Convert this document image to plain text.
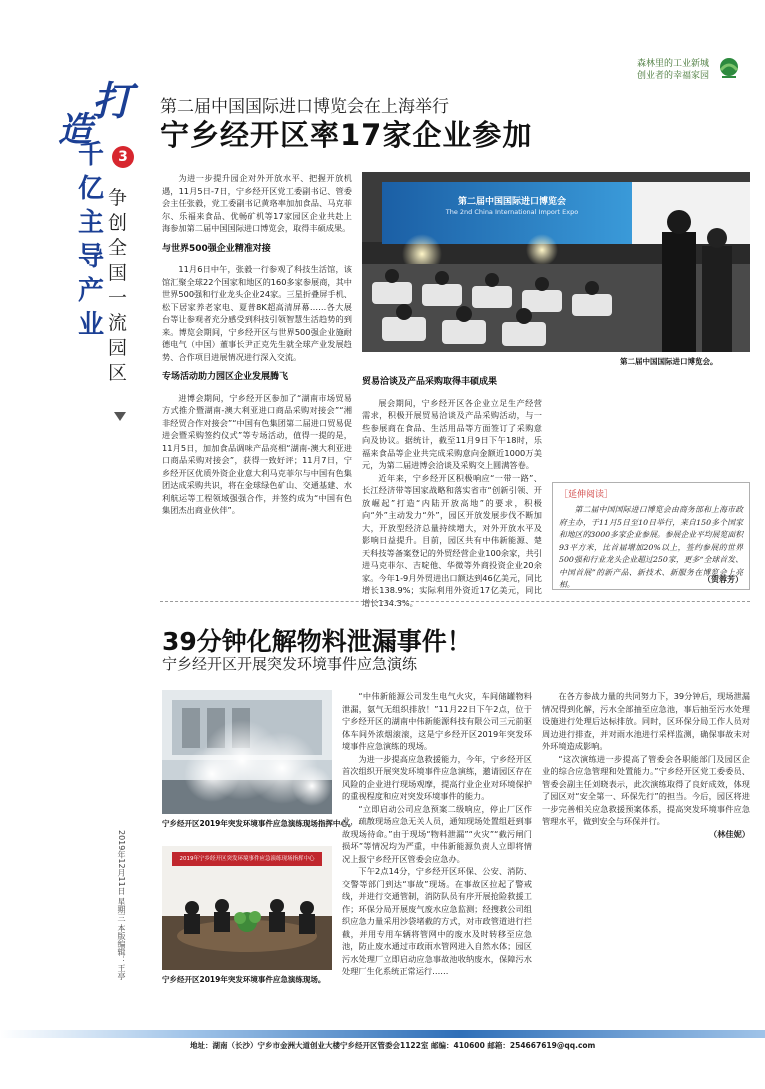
森林里的工业新城
创业者的幸福家园
打
造
千亿主导产业
3
争创全国一流园区
2019年12月11日 星期三 本版编辑：王亭
第二届中国国际进口博览会在上海举行
宁乡经开区率17家企业参加

为进一步提升园企对外开放水平、把握开放机遇，11月5日-7日，宁乡经开区党工委副书记、管委会主任张毅，党工委副书记黄珞率加加食品、马克菲尔、乐福来食品、优畅矿机等17家园区企业共赴上海参加第二届中国国际进口博览会，取得丰硕成果。

与世界500强企业精准对接

11月6日中午，张毅一行参观了科技生活馆，该馆汇聚全球22个国家和地区的160多家参展商，其中世界500强和行业龙头企业24家。三星折叠屏手机、松下居家养老家电、夏普8K超高清屏幕……各大展台等让参观者充分感受到科技引领智慧生活趋势的到来。博览会期间，宁乡经开区与世界500强企业施耐德电气（中国）董事长尹正克先生就全球产业发展趋势、合作项目进展情况进行深入交流。

专场活动助力园区企业发展腾飞

进博会期间，宁乡经开区参加了“湖南市场贸易方式推介暨湖南-澳大利亚进口商品采购对接会”“湘非经贸合作对接会”“中国有色集团第二届进口贸易促进会暨采购签约仪式”等专场活动，值得一提的是，11月5日，加加食品调味产品亮相“湖南-澳大利亚进口商品采购对接会”，获得一致好评；11月7日，宁乡经开区优质外资企业意大利马克菲尔与中国有色集团达成采购共识，将在金球绿色矿山、交通基建、水利航运等工程领域强强合作，并签约成为“中国有色集团杰出商业伙伴”。

第二届中国国际进口博览会
The 2nd China International Import Expo
第二届中国国际进口博览会。
贸易洽谈及产品采购取得丰硕成果

展会期间，宁乡经开区各企业立足生产经营需求，积极开展贸易洽谈及产品采购活动，与一些参展商在食品、生活用品等方面签订了采购意向及协议。据统计，截至11月9日下午18时，乐福来食品等企业共完成采购意向金额近1000万美元，为第二届进博会洽谈及采购交上圆满答卷。

近年来，宁乡经开区积极响应“一带一路”、长江经济带等国家战略和落实省市“创新引领、开放崛起”打造“内陆开放高地”的要求，积极向“外”主动发力“外”，园区开放发展步伐不断加大，开放型经济总量持续增大，对外开放水平及影响日益提升。目前，园区共有中伟新能源、楚天科技等备案登记的外贸经营企业100余家，共引进马克菲尔、吉啶他、华微等外商投资企业20余家。今年1-9月外贸进出口额达到46亿美元，同比增长138.9%；实际利用外资近17亿美元，同比增长134.3%。

［延伸阅读］

第二届中国国际进口博览会由商务部和上海市政府主办，于11月5日至10日举行，来自150多个国家和地区的3000多家企业参展。参展企业平均展览面积93平方米，比首届增加20%以上，签约参展的世界500强和行业龙头企业超过250家，更多“全球首发、中国首展”的新产品、新技术、新服务在博览会上亮相。

（贺蓉芳）
39分钟化解物料泄漏事件！
宁乡经开区开展突发环境事件应急演练
宁乡经开区2019年突发环境事件应急演练现场指挥中心。
2019年宁乡经开区突发环境事件应急演练现场指挥中心
宁乡经开区2019年突发环境事件应急演练现场。

“中伟新能源公司发生电气火灾，车间储罐物料泄漏，氨气无组织排放！”11月22日下午2点，位于宁乡经开区的湖南中伟新能源科技有限公司三元前驱体车间外浓烟滚滚，这是宁乡经开区2019年突发环境事件应急演练的现场。

为进一步提高应急救援能力，今年，宁乡经开区首次组织开展突发环境事件应急演练，邀请园区存在风险的企业进行现场观摩，提高行业企业对环境保护的重视程度和应对突发环境事件的能力。

“立即启动公司应急预案二级响应，停止厂区作业，疏散现场应急无关人员，通知现场处置组赶到事故现场待命。”由于现场“物料泄漏”“火灾”“截污闸门损坏”等情况均为严重，中伟新能源负责人立即将情况上报宁乡经开区管委会应急办。

下午2点14分，宁乡经开区环保、公安、消防、交警等部门到达“事故”现场。在事故区拉起了警戒线，并进行交通管制，消防队员有序开展抢险救援工作；环保分局开展废气废水应急监测；经搜救公司组织应急力量采用沙袋堵截的方式，对市政管道进行拦截，并用专用车辆将管网中的废水及时转移至应急池，防止废水通过市政雨水管网进入自然水体；园区污水处理厂立即启动应急事故池收纳废水，保障污水处理厂生化系统正常运行……

在各方参战力量的共同努力下，39分钟后，现场泄漏情况得到化解，污水全部抽至应急池，事后抽至污水处理设施进行处理后达标排放。同时，区环保分局工作人员对周边进行排查，并对雨水池进行采样监测，确保事故未对外环境造成影响。

“这次演练进一步提高了管委会各职能部门及园区企业的综合应急管理和处置能力。”宁乡经开区党工委委员、管委会副主任刘晓表示，此次演练取得了良好成效，体现了园区对“安全第一、环保先行”的担当。今后，园区将进一步完善相关应急救援预案体系，提高突发环境事件应急管理水平，做到安全与环保并行。

（林佳妮）
地址：湖南（长沙）宁乡市金洲大道创业大楼宁乡经开区管委会1122室 邮编：410600 邮箱：254667619@qq.com
